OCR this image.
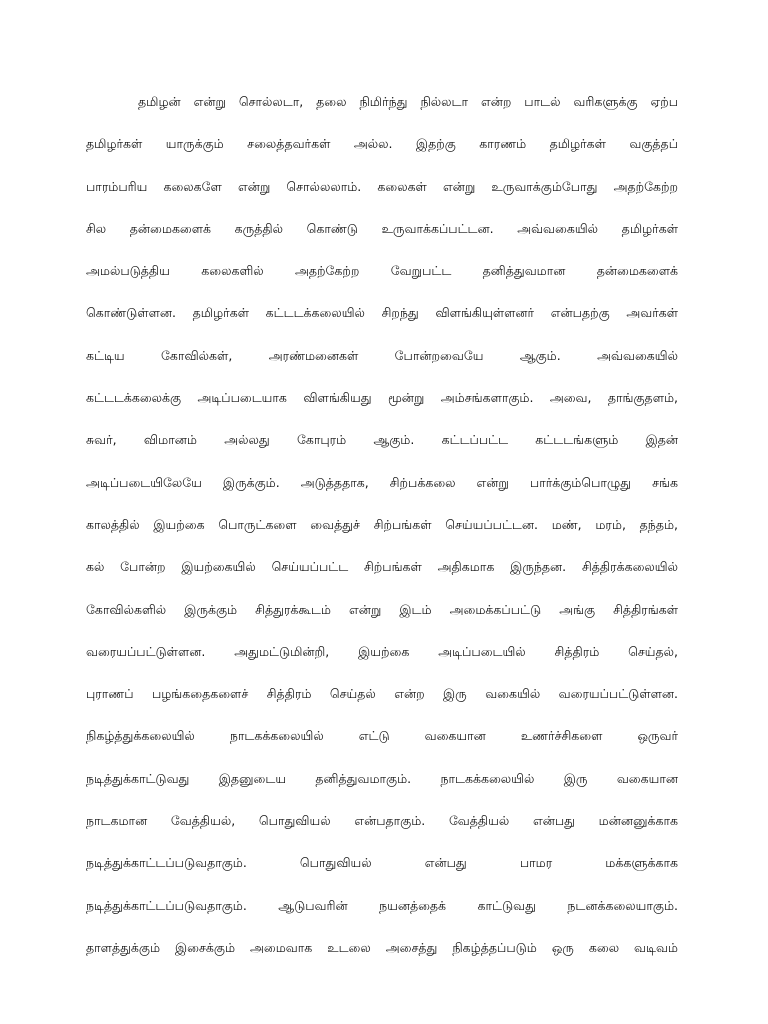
தமிழன் என்று சொல்லடா, தலை நிமிர்ந்து நில்லடா என்ற பாடல் வரிகளுக்கு ஏற்ப
தமிழர்கள் யாருக்கும் சலைத்தவர்கள் அல்ல. இதற்கு காரணம் தமிழர்கள் வகுத்தப்
பாரம்பரிய கலைகளே என்று சொல்லலாம். கலைகள் என்று உருவாக்கும்போது அதற்கேற்ற
சில தன்மைகளைக் கருத்தில் கொண்டு உருவாக்கப்பட்டன. அவ்வகையில் தமிழர்கள்
அமல்படுத்திய கலைகளில் அதற்கேற்ற வேறுபட்ட தனித்துவமான தன்மைகளைக்
கொண்டுள்ளன. தமிழர்கள் கட்டடக்கலையில் சிறந்து விளங்கியுள்ளனர் என்பதற்கு அவர்கள்
கட்டிய கோவில்கள், அரண்மனைகள் போன்றவையே ஆகும். அவ்வகையில்
கட்டடக்கலைக்கு அடிப்படையாக விளங்கியது மூன்று அம்சங்களாகும். அவை, தாங்குதளம்,
சுவர், விமானம் அல்லது கோபுரம் ஆகும். கட்டப்பட்ட கட்டடங்களும் இதன்
அடிப்படையிலேயே இருக்கும். அடுத்ததாக, சிற்பக்கலை என்று பார்க்கும்பொழுது சங்க
காலத்தில் இயற்கை பொருட்களை வைத்துச் சிற்பங்கள் செய்யப்பட்டன. மண், மரம், தந்தம்,
கல் போன்ற இயற்கையில் செய்யப்பட்ட சிற்பங்கள் அதிகமாக இருந்தன. சித்திரக்கலையில்
கோவில்களில் இருக்கும் சித்துரக்கூடம் என்று இடம் அமைக்கப்பட்டு அங்கு சித்திரங்கள்
வரையப்பட்டுள்ளன. அதுமட்டுமின்றி, இயற்கை அடிப்படையில் சித்திரம் செய்தல்,
புராணப் பழங்கதைகளைச் சித்திரம் செய்தல் என்ற இரு வகையில் வரையப்பட்டுள்ளன.
நிகழ்த்துக்கலையில் நாடகக்கலையில் எட்டு வகையான உணர்ச்சிகளை ஒருவர்
நடித்துக்காட்டுவது இதனுடைய தனித்துவமாகும். நாடகக்கலையில் இரு வகையான
நாடகமான வேத்தியல், பொதுவியல் என்பதாகும். வேத்தியல் என்பது மன்னனுக்காக
நடித்துக்காட்டப்படுவதாகும். பொதுவியல் என்பது பாமர மக்களுக்காக
நடித்துக்காட்டப்படுவதாகும். ஆடுபவரின் நயனத்தைக் காட்டுவது நடனக்கலையாகும்.
தாளத்துக்கும் இசைக்கும் அமைவாக உடலை அசைத்து நிகழ்த்தப்படும் ஒரு கலை வடிவம்
